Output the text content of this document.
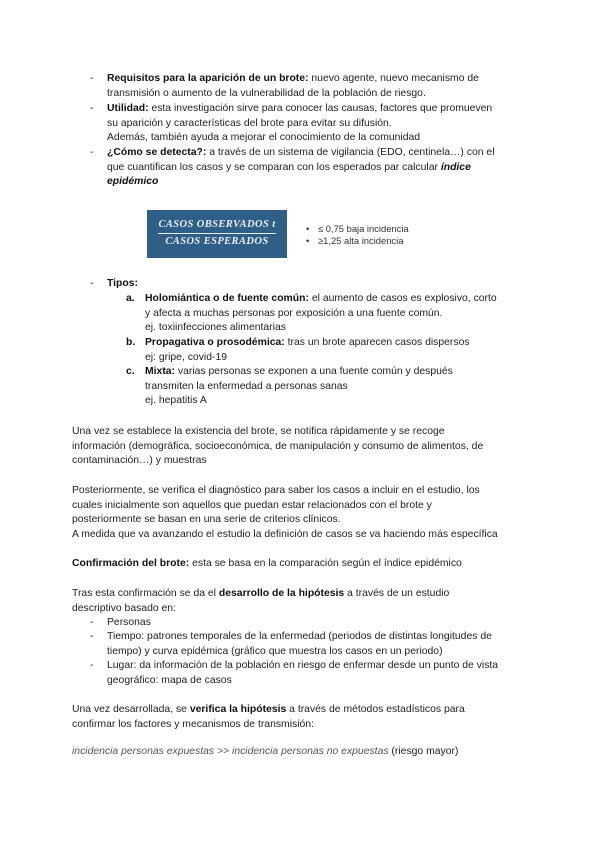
- Requisitos para la aparición de un brote: nuevo agente, nuevo mecanismo de
transmisión o aumento de la vulnerabilidad de la población de riesgo.
- Utilidad: esta investigación sirve para conocer las causas, factores que promueven
su aparición y características del brote para evitar su difusión.
Además, también ayuda a mejorar el conocimiento de la comunidad
- ¿Cómo se detecta?: a través de un sistema de vigilancia (EDO, centinela…) con el
que cuantifican los casos y se comparan con los esperados par calcular índice
epidémico
CASOS OBSERVADOS t
CASOS ESPERADOS
• ≤ 0,75 baja incidencia
• ≥1,25 alta incidencia
- Tipos:
a. Holomiántica o de fuente común: el aumento de casos es explosivo, corto
y afecta a muchas personas por exposición a una fuente común.
ej. toxiinfecciones alimentarias
b. Propagativa o prosodémica: tras un brote aparecen casos dispersos
ej: gripe, covid-19
c. Mixta: varias personas se exponen a una fuente común y después
transmiten la enfermedad a personas sanas
ej. hepatitis A
Una vez se establece la existencia del brote, se notifica rápidamente y se recoge
información (demográfica, socioeconómica, de manipulación y consumo de alimentos, de
contaminación…) y muestras
Posteriormente, se verifica el diagnóstico para saber los casos a incluir en el estudio, los
cuales inicialmente son aquellos que puedan estar relacionados con el brote y
posteriormente se basan en una serie de criterios clínicos.
A medida que va avanzando el estudio la definición de casos se va haciendo más específica
Confirmación del brote: esta se basa en la comparación según el índice epidémico
Tras esta confirmación se da el desarrollo de la hipótesis a través de un estudio
descriptivo basado en:
- Personas
- Tiempo: patrones temporales de la enfermedad (periodos de distintas longitudes de
tiempo) y curva epidémica (gráfico que muestra los casos en un periodo)
- Lugar: da información de la población en riesgo de enfermar desde un punto de vista
geográfico: mapa de casos
Una vez desarrollada, se verifica la hipótesis a través de métodos estadísticos para
confirmar los factores y mecanismos de transmisión:
incidencia personas expuestas >> incidencia personas no expuestas (riesgo mayor)
